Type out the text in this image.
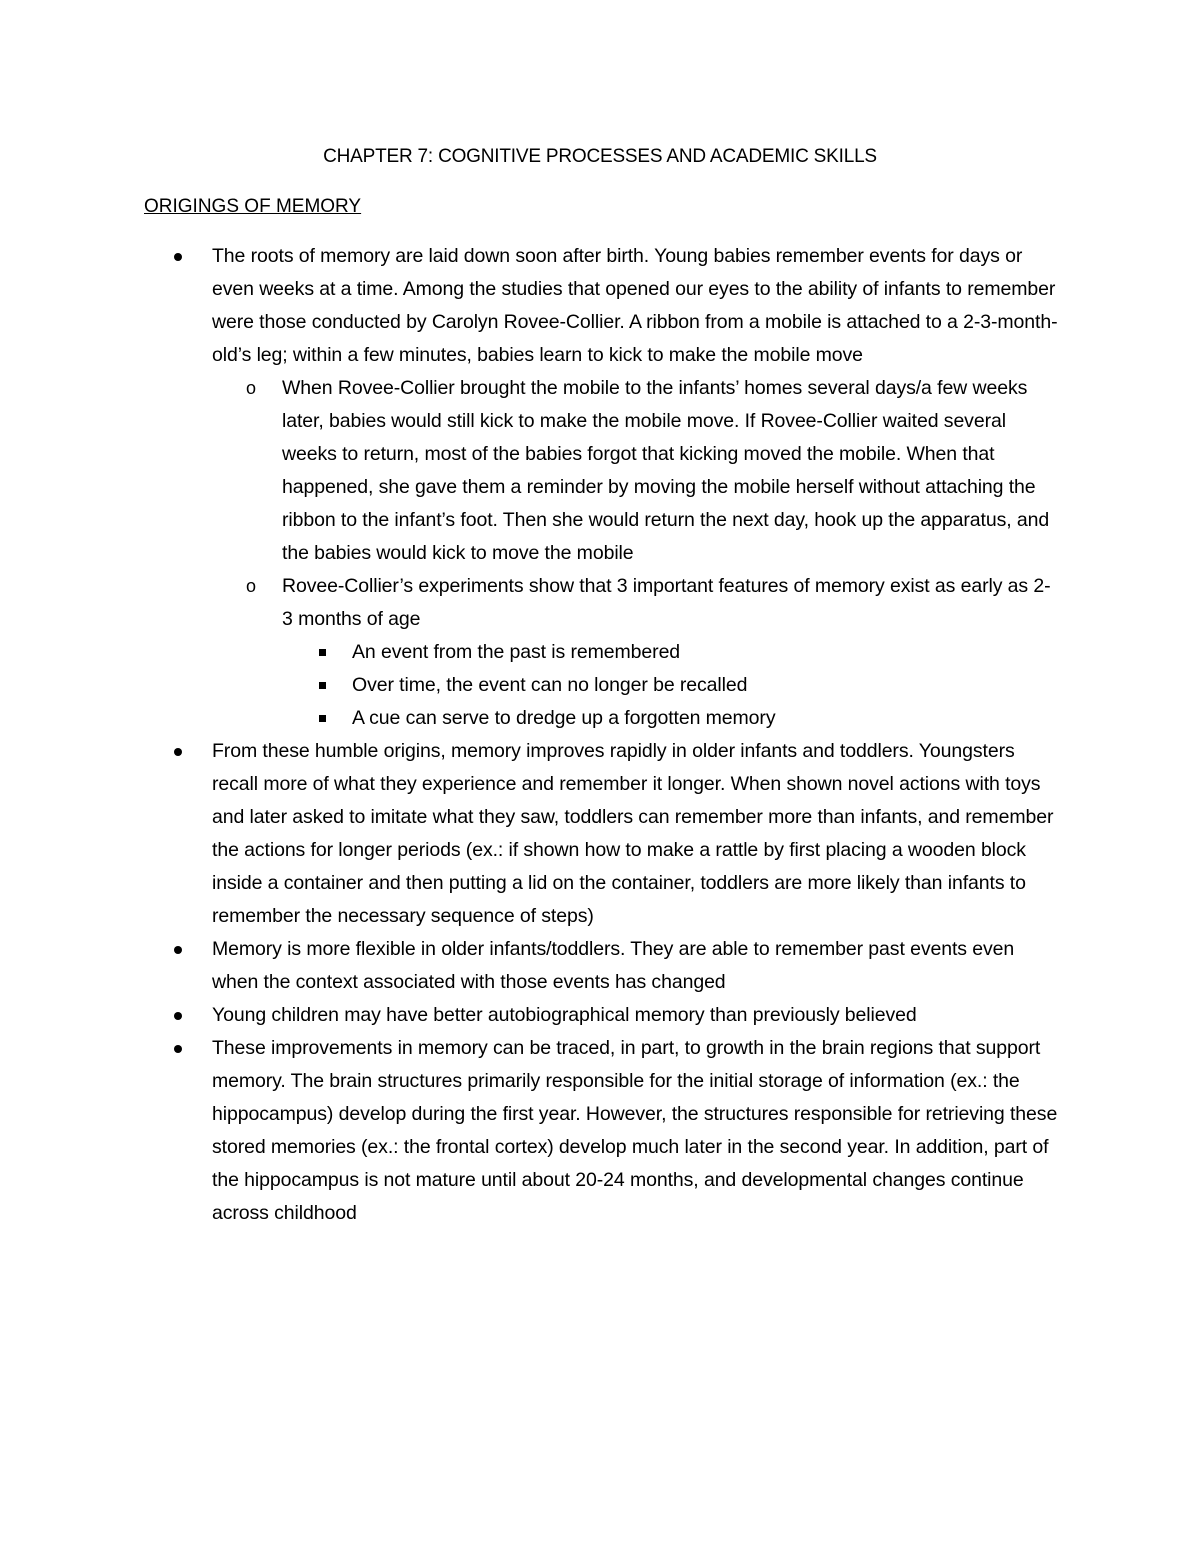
CHAPTER 7: COGNITIVE PROCESSES AND ACADEMIC SKILLS
ORIGINGS OF MEMORY
The roots of memory are laid down soon after birth. Young babies remember events for days or even weeks at a time. Among the studies that opened our eyes to the ability of infants to remember were those conducted by Carolyn Rovee-Collier. A ribbon from a mobile is attached to a 2-3-month-old’s leg; within a few minutes, babies learn to kick to make the mobile move
o When Rovee-Collier brought the mobile to the infants’ homes several days/a few weeks later, babies would still kick to make the mobile move. If Rovee-Collier waited several weeks to return, most of the babies forgot that kicking moved the mobile. When that happened, she gave them a reminder by moving the mobile herself without attaching the ribbon to the infant’s foot. Then she would return the next day, hook up the apparatus, and the babies would kick to move the mobile
o Rovee-Collier’s experiments show that 3 important features of memory exist as early as 2-3 months of age
An event from the past is remembered
Over time, the event can no longer be recalled
A cue can serve to dredge up a forgotten memory
From these humble origins, memory improves rapidly in older infants and toddlers. Youngsters recall more of what they experience and remember it longer. When shown novel actions with toys and later asked to imitate what they saw, toddlers can remember more than infants, and remember the actions for longer periods (ex.: if shown how to make a rattle by first placing a wooden block inside a container and then putting a lid on the container, toddlers are more likely than infants to remember the necessary sequence of steps)
Memory is more flexible in older infants/toddlers. They are able to remember past events even when the context associated with those events has changed
Young children may have better autobiographical memory than previously believed
These improvements in memory can be traced, in part, to growth in the brain regions that support memory. The brain structures primarily responsible for the initial storage of information (ex.: the hippocampus) develop during the first year. However, the structures responsible for retrieving these stored memories (ex.: the frontal cortex) develop much later in the second year. In addition, part of the hippocampus is not mature until about 20-24 months, and developmental changes continue across childhood
